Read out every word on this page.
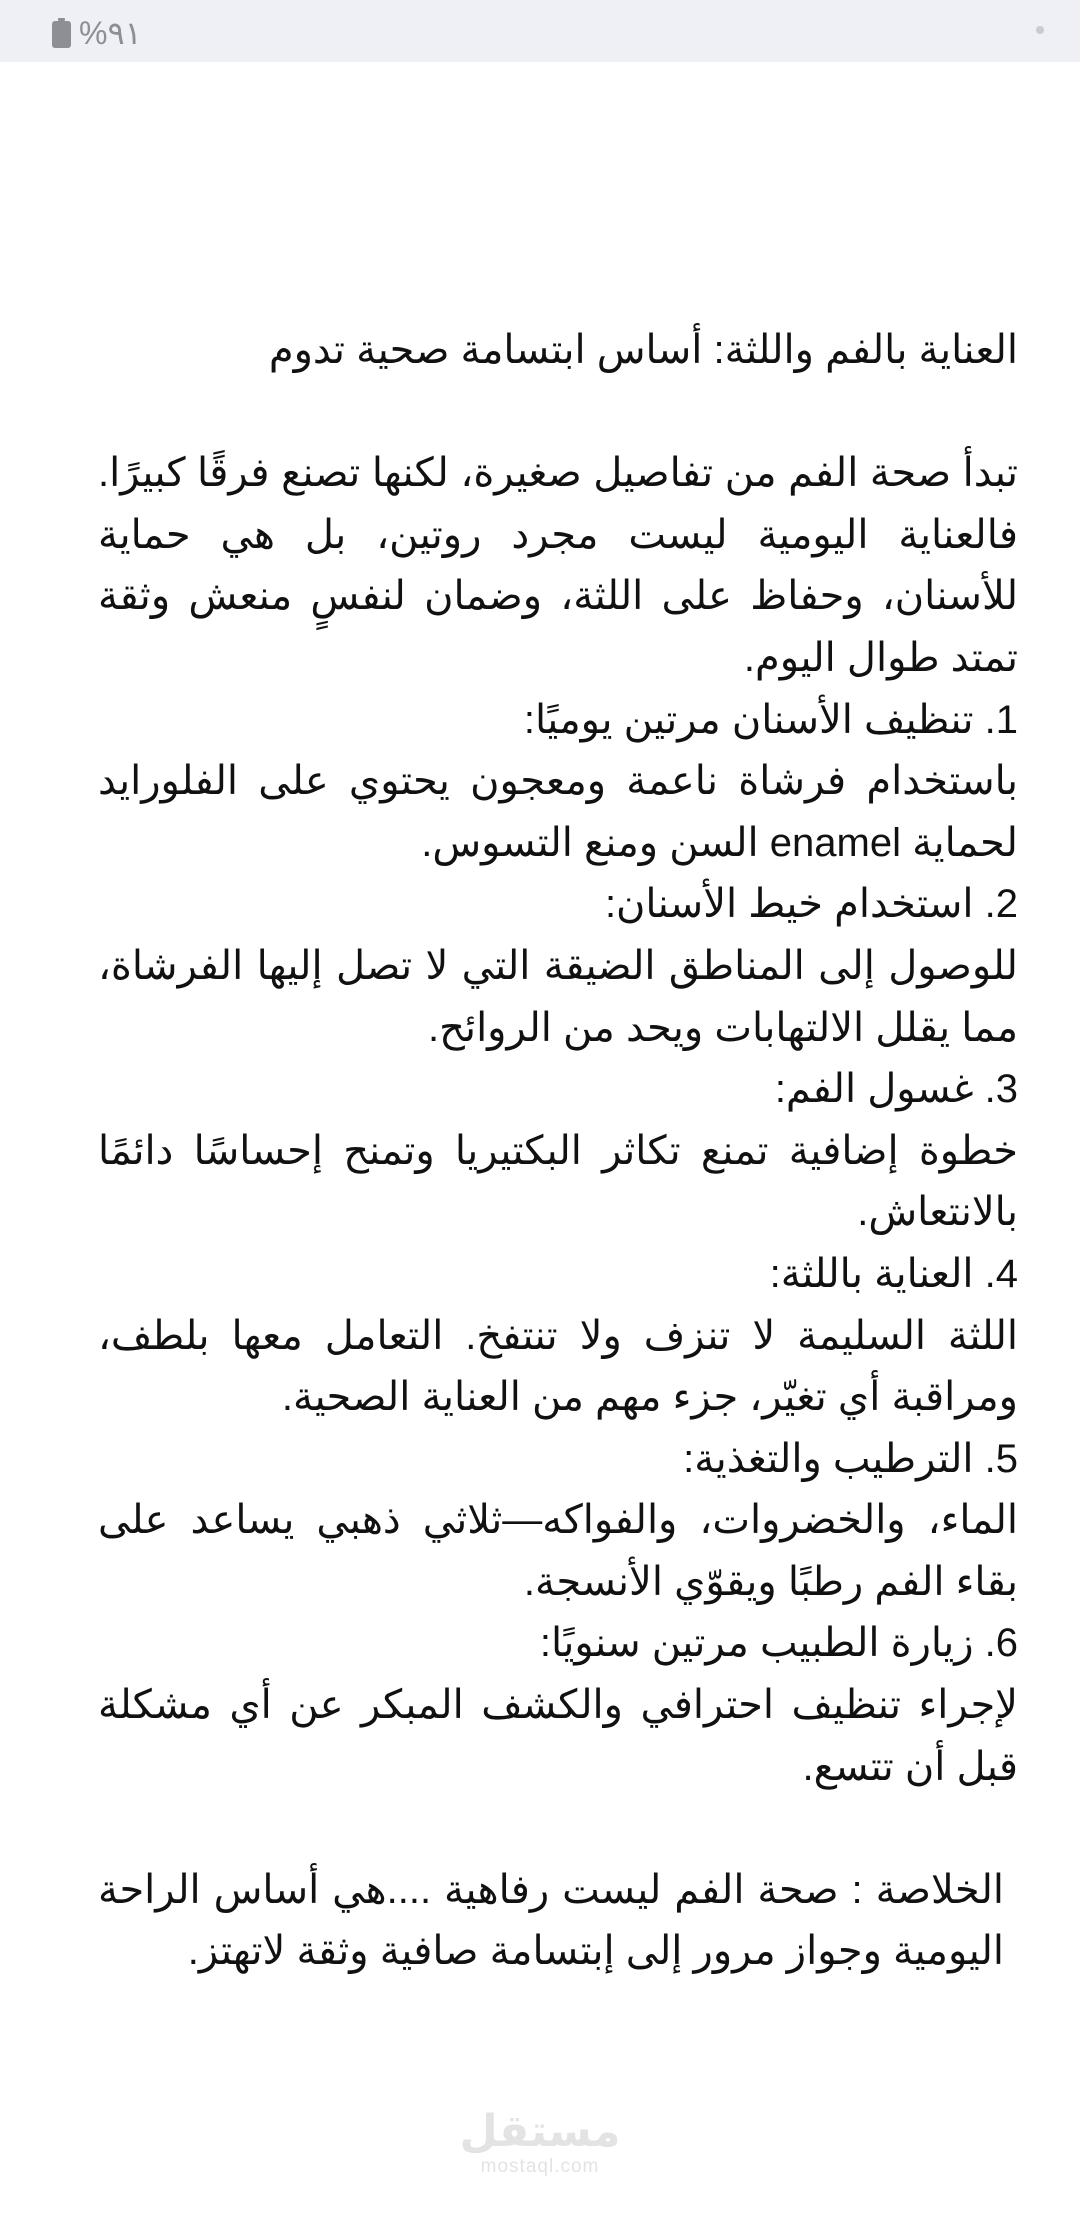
%٩١

العناية بالفم واللثة: أساس ابتسامة صحية تدوم

تبدأ صحة الفم من تفاصيل صغيرة، لكنها تصنع فرقًا كبيرًا. فالعناية اليومية ليست مجرد روتين، بل هي حماية للأسنان، وحفاظ على اللثة، وضمان لنفسٍ منعش وثقة تمتد طوال اليوم.

1. تنظيف الأسنان مرتين يوميًا:

باستخدام فرشاة ناعمة ومعجون يحتوي على الفلورايد لحماية enamel السن ومنع التسوس.

2. استخدام خيط الأسنان:

للوصول إلى المناطق الضيقة التي لا تصل إليها الفرشاة، مما يقلل الالتهابات ويحد من الروائح.

3. غسول الفم:

خطوة إضافية تمنع تكاثر البكتيريا وتمنح إحساسًا دائمًا بالانتعاش.

4. العناية باللثة:

اللثة السليمة لا تنزف ولا تنتفخ. التعامل معها بلطف، ومراقبة أي تغيّر، جزء مهم من العناية الصحية.

5. الترطيب والتغذية:

الماء، والخضروات، والفواكه—ثلاثي ذهبي يساعد على بقاء الفم رطبًا ويقوّي الأنسجة.

6. زيارة الطبيب مرتين سنويًا:

لإجراء تنظيف احترافي والكشف المبكر عن أي مشكلة قبل أن تتسع.

الخلاصة : صحة الفم ليست رفاهية ....هي أساس الراحة اليومية وجواز مرور إلى إبتسامة صافية وثقة لاتهتز.

مستقل
mostaql.com
